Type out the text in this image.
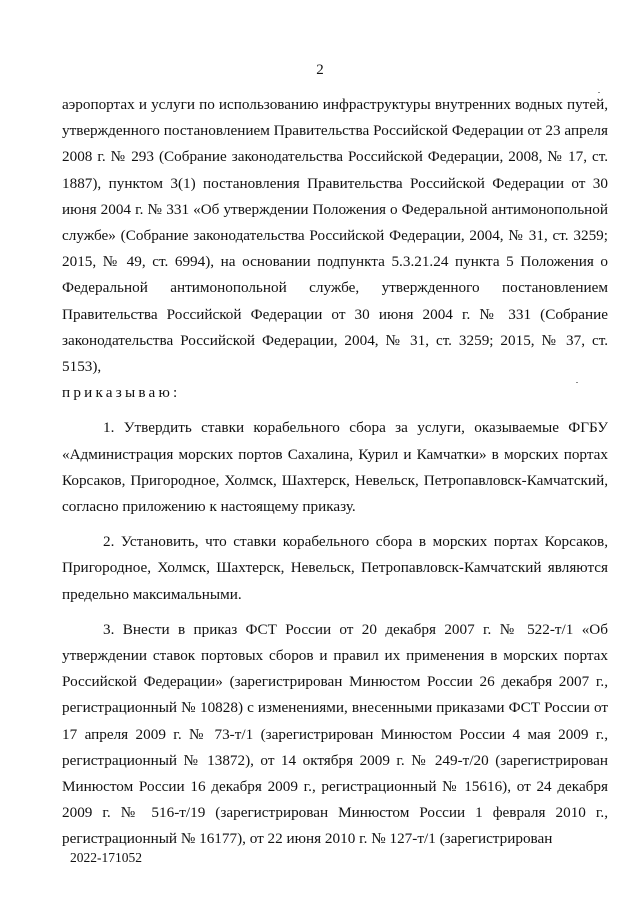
2

аэропортах и услуги по использованию инфраструктуры внутренних водных путей, утвержденного постановлением Правительства Российской Федерации от 23 апреля 2008 г. № 293 (Собрание законодательства Российской Федерации, 2008, № 17, ст. 1887), пунктом 3(1) постановления Правительства Российской Федерации от 30 июня 2004 г. № 331 «Об утверждении Положения о Федеральной антимонопольной службе» (Собрание законодательства Российской Федерации, 2004, № 31, ст. 3259; 2015, № 49, ст. 6994), на основании подпункта 5.3.21.24 пункта 5 Положения о Федеральной антимонопольной службе, утвержденного постановлением Правительства Российской Федерации от 30 июня 2004 г. № 331 (Собрание законодательства Российской Федерации, 2004, № 31, ст. 3259; 2015, № 37, ст. 5153),

приказываю:

1. Утвердить ставки корабельного сбора за услуги, оказываемые ФГБУ «Администрация морских портов Сахалина, Курил и Камчатки» в морских портах Корсаков, Пригородное, Холмск, Шахтерск, Невельск, Петропавловск-Камчатский, согласно приложению к настоящему приказу.

2. Установить, что ставки корабельного сбора в морских портах Корсаков, Пригородное, Холмск, Шахтерск, Невельск, Петропавловск-Камчатский являются предельно максимальными.

3. Внести в приказ ФСТ России от 20 декабря 2007 г. № 522-т/1 «Об утверждении ставок портовых сборов и правил их применения в морских портах Российской Федерации» (зарегистрирован Минюстом России 26 декабря 2007 г., регистрационный № 10828) с изменениями, внесенными приказами ФСТ России от 17 апреля 2009 г. № 73-т/1 (зарегистрирован Минюстом России 4 мая 2009 г., регистрационный № 13872), от 14 октября 2009 г. № 249-т/20 (зарегистрирован Минюстом России 16 декабря 2009 г., регистрационный № 15616), от 24 декабря 2009 г. № 516-т/19 (зарегистрирован Минюстом России 1 февраля 2010 г., регистрационный № 16177), от 22 июня 2010 г. № 127-т/1 (зарегистрирован

2022-171052
